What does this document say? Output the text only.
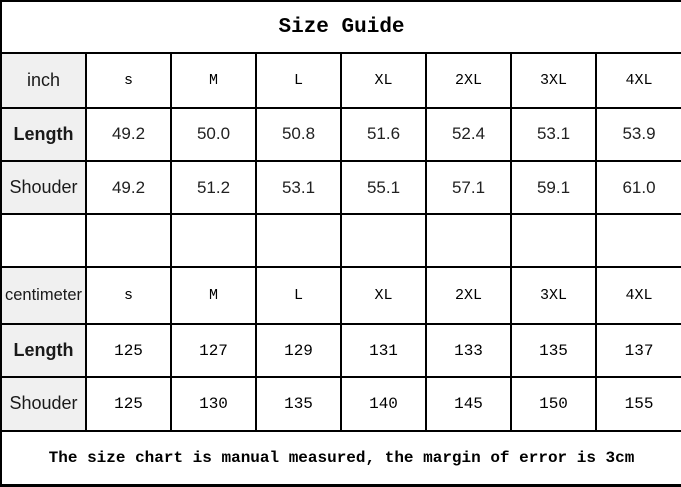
Size Guide							
inch	s	M	L	XL	2XL	3XL	4XL
Length	49.2	50.0	50.8	51.6	52.4	53.1	53.9
Shouder	49.2	51.2	53.1	55.1	57.1	59.1	61.0

centimeter	s	M	L	XL	2XL	3XL	4XL
Length	125	127	129	131	133	135	137
Shouder	125	130	135	140	145	150	155
The size chart is manual measured, the margin of error is 3cm							
